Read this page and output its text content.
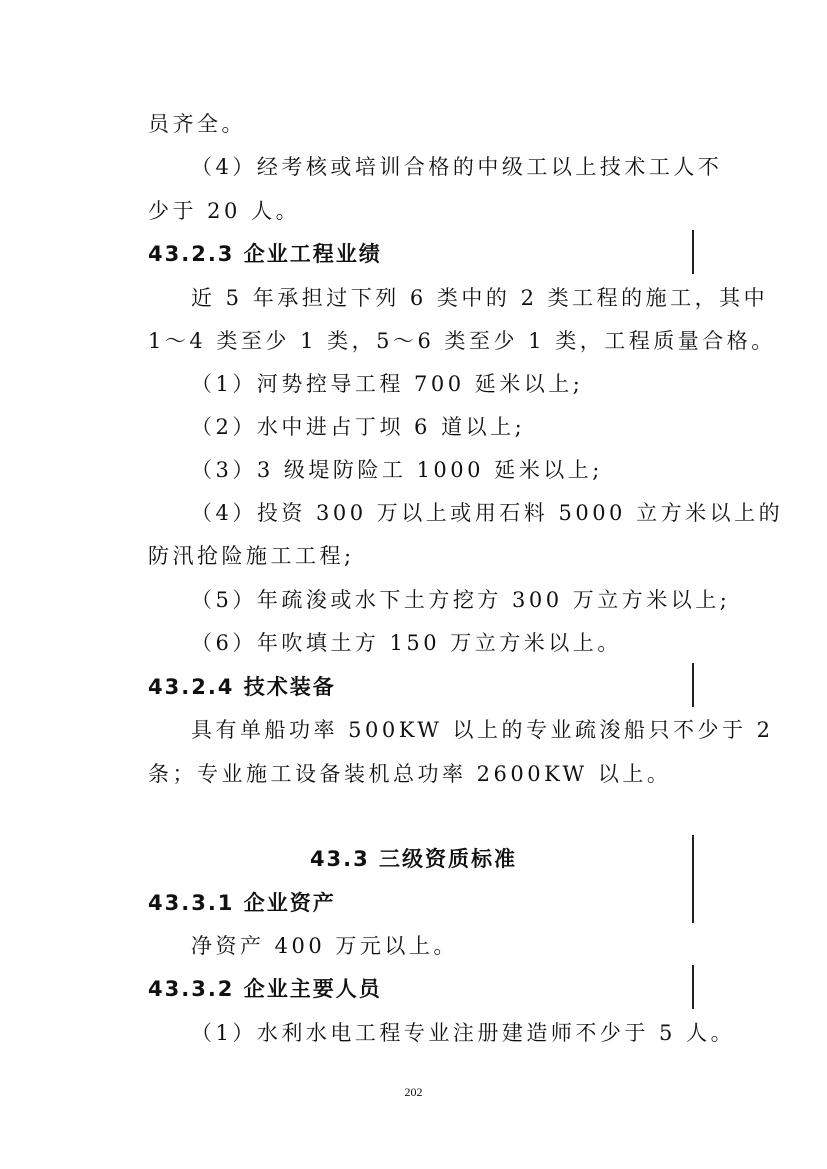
员齐全。
（4）经考核或培训合格的中级工以上技术工人不
少于 20 人。
43.2.3 企业工程业绩
近 5 年承担过下列 6 类中的 2 类工程的施工，其中
1～4 类至少 1 类，5～6 类至少 1 类，工程质量合格。
（1）河势控导工程 700 延米以上;
（2）水中进占丁坝 6 道以上;
（3）3 级堤防险工 1000 延米以上;
（4）投资 300 万以上或用石料 5000 立方米以上的
防汛抢险施工工程;
（5）年疏浚或水下土方挖方 300 万立方米以上;
（6）年吹填土方 150 万立方米以上。
43.2.4 技术装备
具有单船功率 500KW 以上的专业疏浚船只不少于 2
条；专业施工设备装机总功率 2600KW 以上。
43.3 三级资质标准
43.3.1 企业资产
净资产 400 万元以上。
43.3.2 企业主要人员
（1）水利水电工程专业注册建造师不少于 5 人。
202
